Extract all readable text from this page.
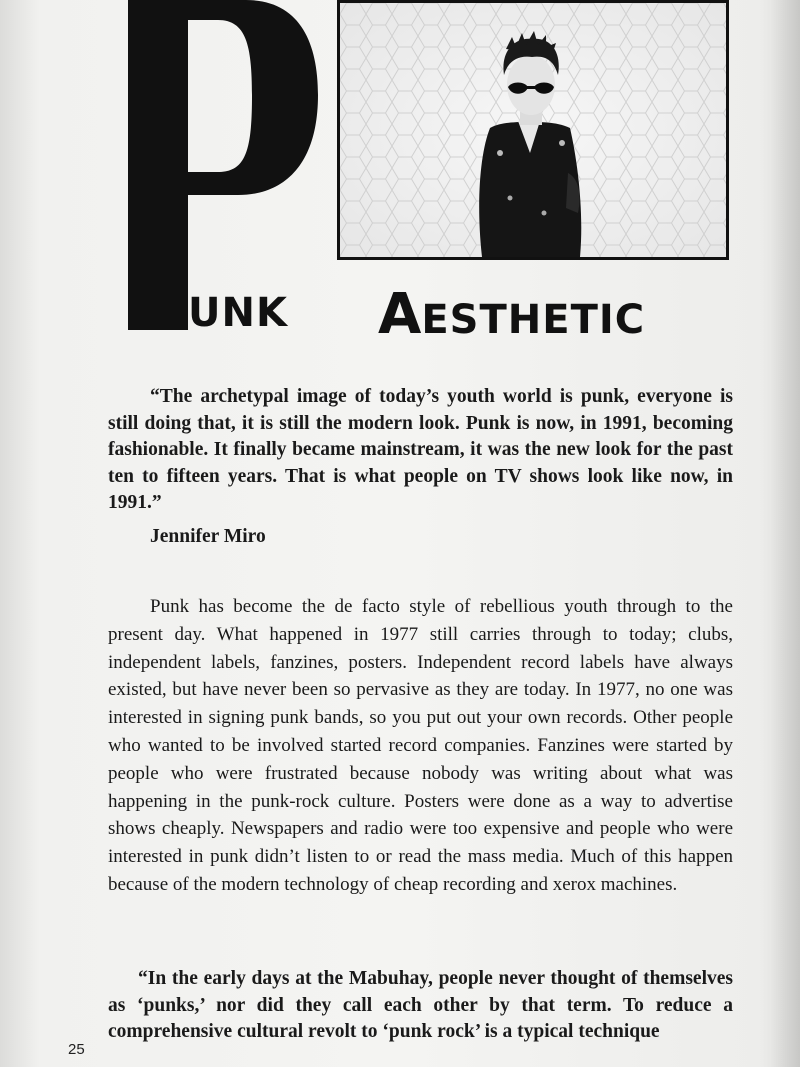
UNK AESTHETIC

“The archetypal image of today’s youth world is punk, everyone is still doing that, it is still the modern look. Punk is now, in 1991, becoming fashionable. It finally became mainstream, it was the new look for the past ten to fifteen years. That is what people on TV shows look like now, in 1991.”

Jennifer Miro

Punk has become the de facto style of rebellious youth through to the present day. What happened in 1977 still carries through to today; clubs, independent labels, fanzines, posters. Independent record labels have always existed, but have never been so pervasive as they are today. In 1977, no one was interested in signing punk bands, so you put out your own records. Other people who wanted to be involved started record companies. Fanzines were started by people who were frustrated because nobody was writing about what was happening in the punk-rock culture. Posters were done as a way to advertise shows cheaply. Newspapers and radio were too expensive and people who were interested in punk didn’t listen to or read the mass media. Much of this happen because of the modern technology of cheap recording and xerox machines.

“In the early days at the Mabuhay, people never thought of themselves as ‘punks,’ nor did they call each other by that term. To reduce a comprehensive cultural revolt to ‘punk rock’ is a typical technique

25
